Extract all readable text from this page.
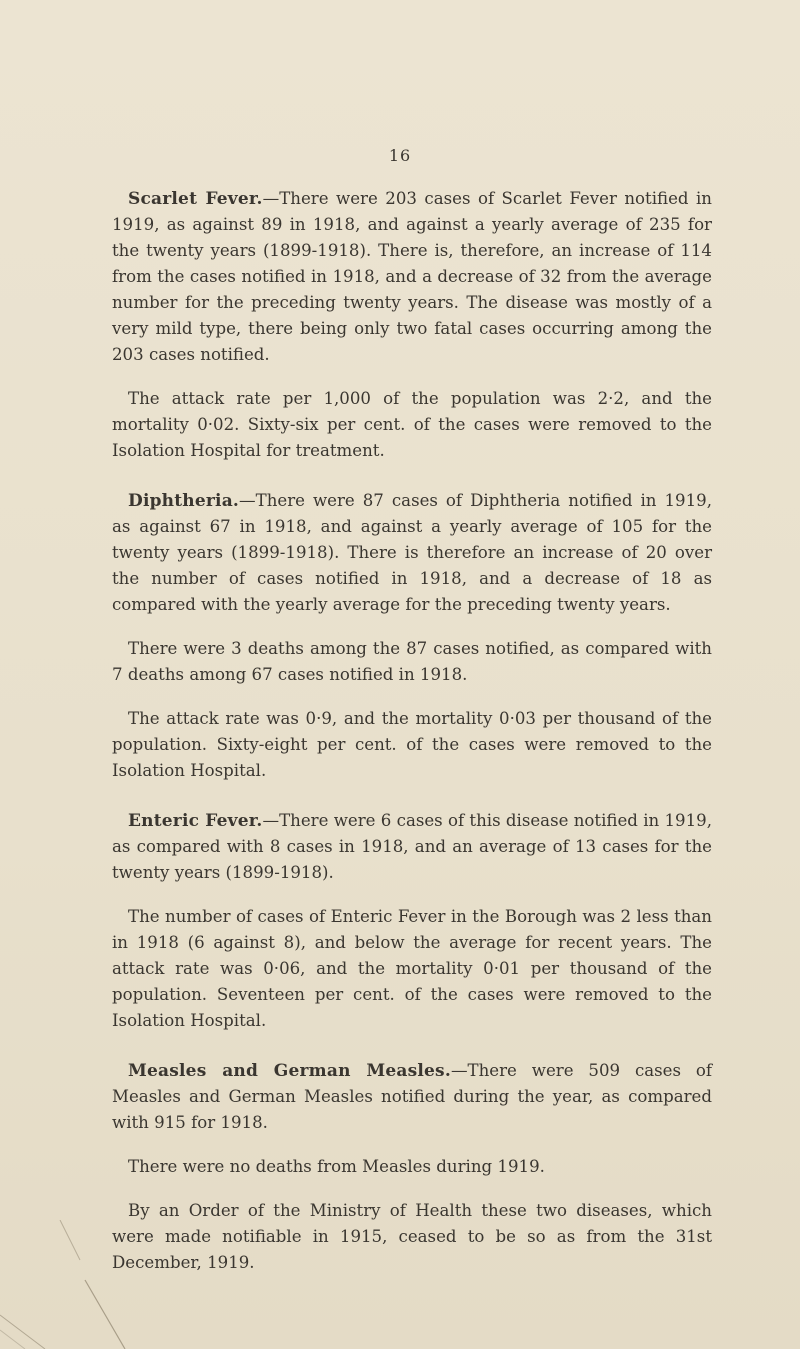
16

Scarlet Fever.—There were 203 cases of Scarlet Fever notified in 1919, as against 89 in 1918, and against a yearly average of 235 for the twenty years (1899-1918). There is, therefore, an increase of 114 from the cases notified in 1918, and a decrease of 32 from the average number for the preceding twenty years. The disease was mostly of a very mild type, there being only two fatal cases occurring among the 203 cases notified.

The attack rate per 1,000 of the population was 2·2, and the mortality 0·02. Sixty-six per cent. of the cases were removed to the Isolation Hospital for treatment.

Diphtheria.—There were 87 cases of Diphtheria notified in 1919, as against 67 in 1918, and against a yearly average of 105 for the twenty years (1899-1918). There is therefore an increase of 20 over the number of cases notified in 1918, and a decrease of 18 as compared with the yearly average for the preceding twenty years.

There were 3 deaths among the 87 cases notified, as compared with 7 deaths among 67 cases notified in 1918.

The attack rate was 0·9, and the mortality 0·03 per thousand of the population. Sixty-eight per cent. of the cases were removed to the Isolation Hospital.

Enteric Fever.—There were 6 cases of this disease notified in 1919, as compared with 8 cases in 1918, and an average of 13 cases for the twenty years (1899-1918).

The number of cases of Enteric Fever in the Borough was 2 less than in 1918 (6 against 8), and below the average for recent years. The attack rate was 0·06, and the mortality 0·01 per thousand of the population. Seventeen per cent. of the cases were removed to the Isolation Hospital.

Measles and German Measles.—There were 509 cases of Measles and German Measles notified during the year, as compared with 915 for 1918.

There were no deaths from Measles during 1919.

By an Order of the Ministry of Health these two diseases, which were made notifiable in 1915, ceased to be so as from the 31st December, 1919.
